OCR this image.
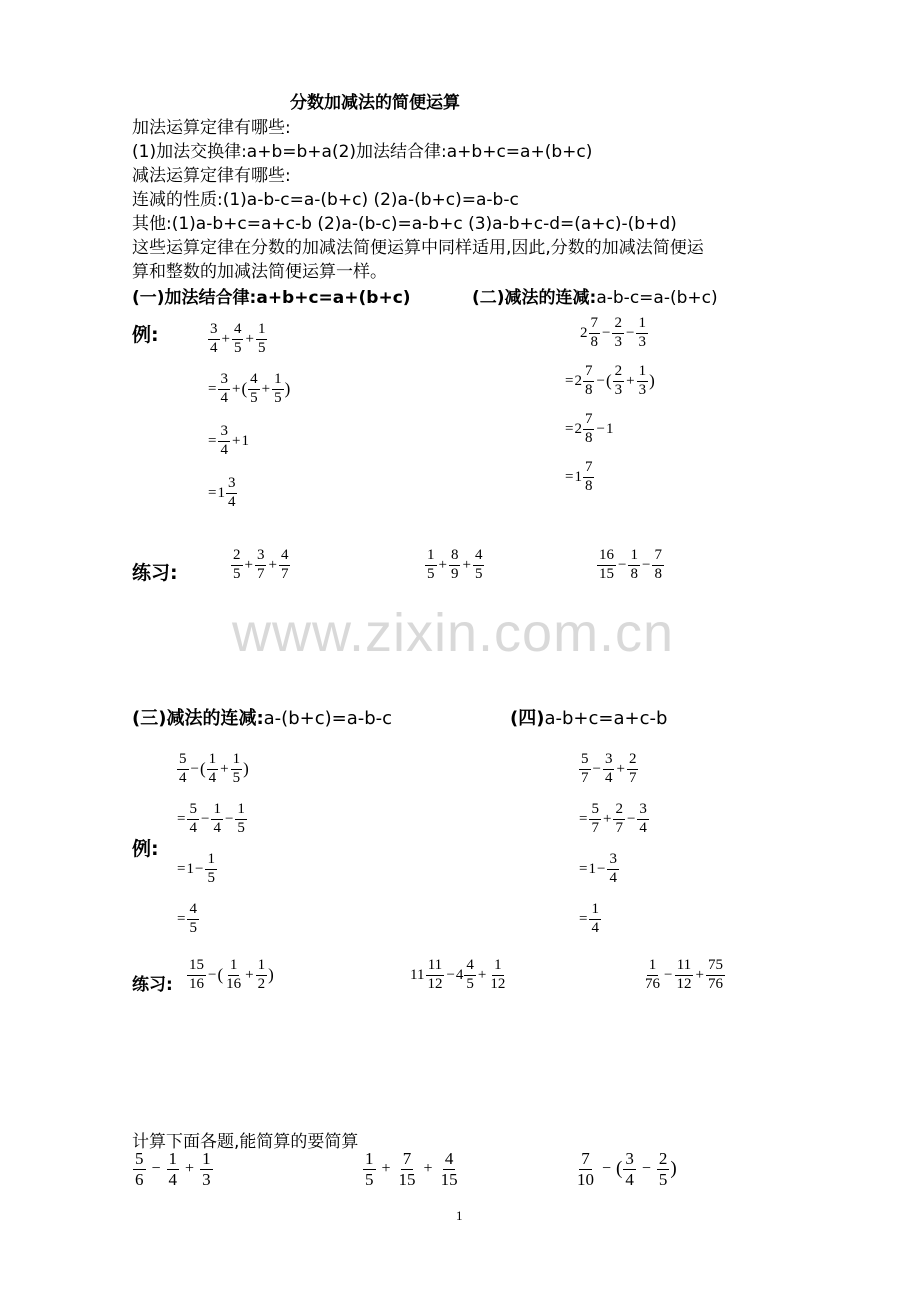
分数加减法的简便运算
加法运算定律有哪些:
(1)加法交换律:a+b=b+a(2)加法结合律:a+b+c=a+(b+c)
减法运算定律有哪些:
连减的性质:(1)a-b-c=a-(b+c) (2)a-(b+c)=a-b-c
其他:(1)a-b+c=a+c-b (2)a-(b-c)=a-b+c (3)a-b+c-d=(a+c)-(b+d)
这些运算定律在分数的加减法简便运算中同样适用,因此,分数的加减法简便运
算和整数的加减法简便运算一样。
(一)加法结合律:a+b+c=a+(b+c)	(二)减法的连减:a-b-c=a-(b+c)
例:	$\frac{3}{4} + \frac{4}{5} + \frac{1}{5}$
= $\frac{3}{4}$ + ( $\frac{4}{5} + \frac{1}{5}$ )
= $\frac{3}{4} + 1$
= $1 \frac{3}{4}$
$2 \frac{7}{8} - \frac{2}{3} - \frac{1}{3}$
= $2 \frac{7}{8}$ − ( $\frac{2}{3} + \frac{1}{3}$ )
= $2 \frac{7}{8} - 1$
= $1 \frac{7}{8}$
练习:	$\frac{2}{5} + \frac{3}{7} + \frac{4}{7}$	$\frac{1}{5} + \frac{8}{9} + \frac{4}{5}$	$\frac{16}{15} - \frac{1}{8} - \frac{7}{8}$
www.zixin.com.cn
(三)减法的连减:a-(b+c)=a-b-c	(四)a-b+c=a+c-b
例:
$\frac{5}{4}$ − ( $\frac{1}{4} + \frac{1}{5}$ )
= $\frac{5}{4} - \frac{1}{4} - \frac{1}{5}$
= $1 - \frac{1}{5}$
= $\frac{4}{5}$
$\frac{5}{7} - \frac{3}{4} + \frac{2}{7}$
= $\frac{5}{7} + \frac{2}{7} - \frac{3}{4}$
= $1 - \frac{3}{4}$
= $\frac{1}{4}$
练习: $\frac{15}{16}$ − ( $\frac{1}{16} + \frac{1}{2}$ )	$11 \frac{11}{12} - 4 \frac{4}{5} + \frac{1}{12}$	$\frac{1}{76} - \frac{11}{12} + \frac{75}{76}$
计算下面各题,能简算的要简算
$\frac{5}{6} - \frac{1}{4} + \frac{1}{3}$	$\frac{1}{5} + \frac{7}{15} + \frac{4}{15}$	$\frac{7}{10}$ − ( $\frac{3}{4} - \frac{2}{5}$ )
1
